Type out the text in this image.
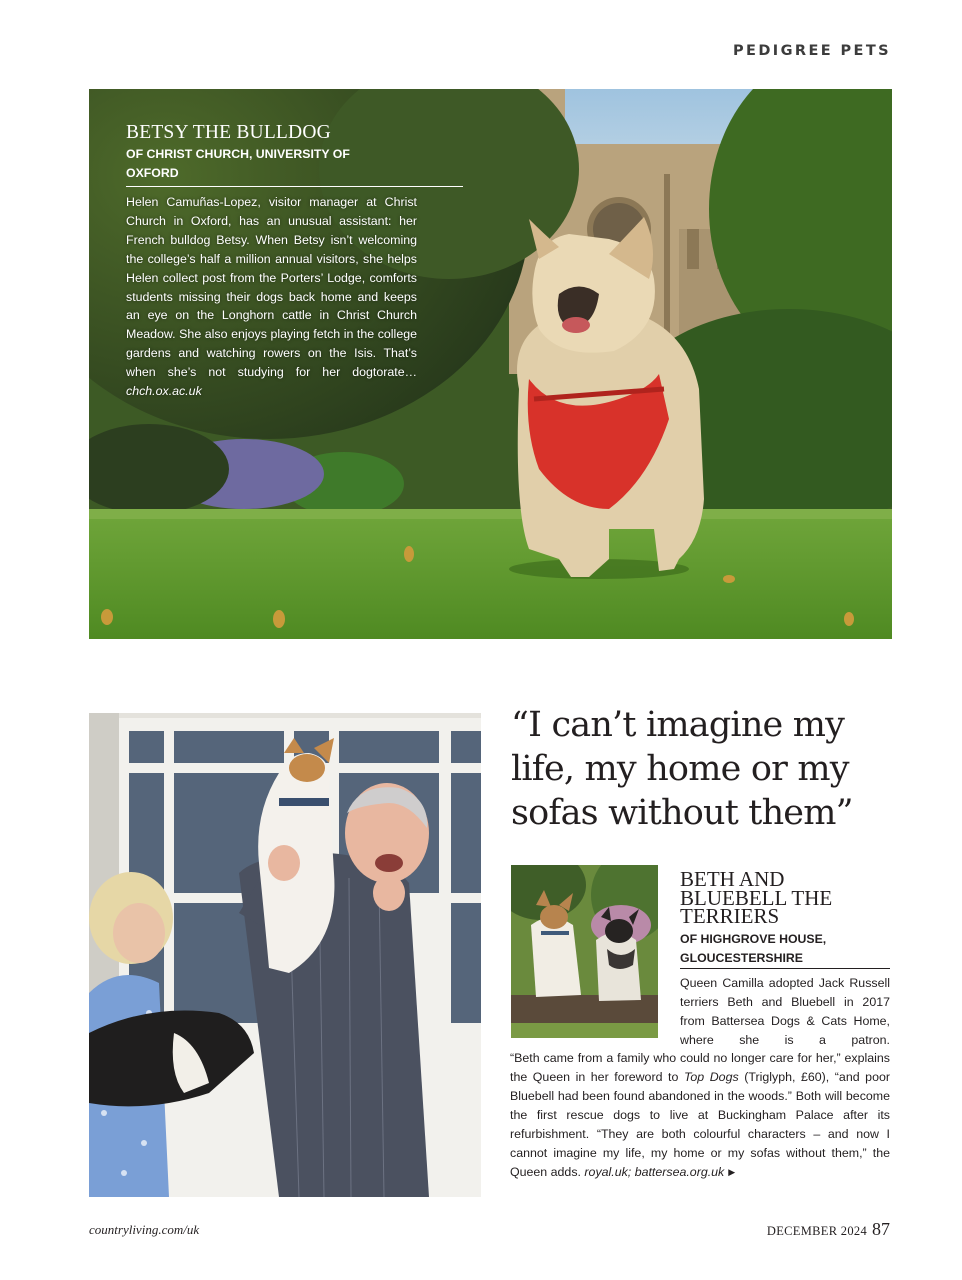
PEDIGREE PETS
BETSY THE BULLDOG
OF CHRIST CHURCH, UNIVERSITY OF OXFORD
Helen Camuñas-Lopez, visitor manager at Christ Church in Oxford, has an unusual assistant: her French bulldog Betsy. When Betsy isn’t welcoming the college’s half a million annual visitors, she helps Helen collect post from the Porters’ Lodge, comforts students missing their dogs back home and keeps an eye on the Longhorn cattle in Christ Church Meadow. She also enjoys playing fetch in the college gardens and watching rowers on the Isis. That’s when she’s not studying for her dogtorate… chch.ox.ac.uk
“I can’t imagine my life, my home or my sofas without them”
BETH AND BLUEBELL THE TERRIERS
OF HIGHGROVE HOUSE, GLOUCESTERSHIRE
Queen Camilla adopted Jack Russell terriers Beth and Bluebell in 2017 from Battersea Dogs & Cats Home, where she is a patron.
“Beth came from a family who could no longer care for her,” explains the Queen in her foreword to Top Dogs (Triglyph, £60), “and poor Bluebell had been found abandoned in the woods.” Both will become the first rescue dogs to live at Buckingham Palace after its refurbishment. “They are both colourful characters – and now I cannot imagine my life, my home or my sofas without them,” the Queen adds. royal.uk; battersea.org.uk ▶
countryliving.com/uk	DECEMBER 2024 87
